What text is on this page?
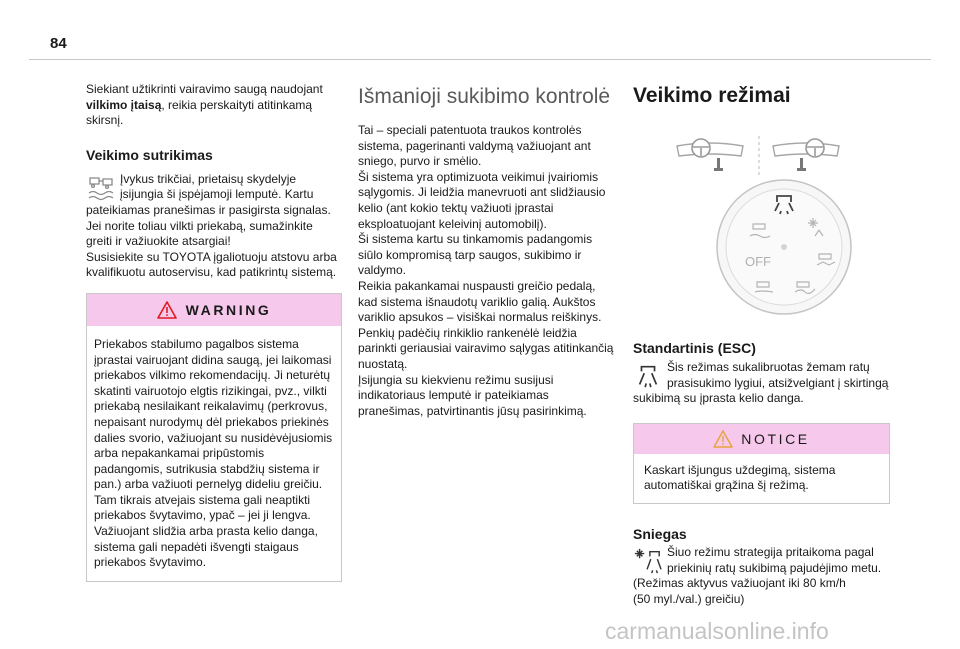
84

Siekiant užtikrinti vairavimo saugą naudojant vilkimo įtaisą, reikia perskaityti atitinkamą skirsnį.

Veikimo sutrikimas
Įvykus trikčiai, prietaisų skydelyje įsijungia ši įspėjamoji lemputė. Kartu pateikiamas pranešimas ir pasigirsta signalas.
Jei norite toliau vilkti priekabą, sumažinkite greiti ir važiuokite atsargiai!
Susisiekite su TOYOTA įgaliotuoju atstovu arba kvalifikuotu autoservisu, kad patikrintų sistemą.
WARNING
Priekabos stabilumo pagalbos sistema įprastai vairuojant didina saugą, jei laikomasi priekabos vilkimo rekomendacijų. Ji neturėtų skatinti vairuotojo elgtis rizikingai, pvz., vilkti priekabą nesilaikant reikalavimų (perkrovus, nepaisant nurodymų dėl priekabos priekinės dalies svorio, važiuojant su nusidėvėjusiomis arba nepakankamai pripūstomis padangomis, sutrikusia stabdžių sistema ir pan.) arba važiuoti pernelyg dideliu greičiu.
Tam tikrais atvejais sistema gali neaptikti priekabos švytavimo, ypač – jei ji lengva.
Važiuojant slidžia arba prasta kelio danga, sistema gali nepadėti išvengti staigaus priekabos švytavimo.
Išmanioji sukibimo kontrolė
Tai – speciali patentuota traukos kontrolės sistema, pagerinanti valdymą važiuojant ant sniego, purvo ir smėlio.
Ši sistema yra optimizuota veikimui įvairiomis sąlygomis. Ji leidžia manevruoti ant slidžiausio kelio (ant kokio tektų važiuoti įprastai eksploatuojant keleivinį automobilį).
Ši sistema kartu su tinkamomis padangomis siūlo kompromisą tarp saugos, sukibimo ir valdymo.
Reikia pakankamai nuspausti greičio pedalą, kad sistema išnaudotų variklio galią. Aukštos variklio apsukos – visiškai normalus reiškinys.
Penkių padėčių rinkiklio rankenėlė leidžia parinkti geriausiai vairavimo sąlygas atitinkančią nuostatą.
Įsijungia su kiekvienu režimu susijusi indikatoriaus lemputė ir pateikiamas pranešimas, patvirtinantis jūsų pasirinkimą.
Veikimo režimai
OFF
Standartinis (ESC)
Šis režimas sukalibruotas žemam ratų prasisukimo lygiui, atsižvelgiant į skirtingą sukibimą su įprasta kelio danga.
NOTICE
Kaskart išjungus uždegimą, sistema automatiškai grąžina šį režimą.
Sniegas
Šiuo režimu strategija pritaikoma pagal priekinių ratų sukibimą pajudėjimo metu.
(Režimas aktyvus važiuojant iki 80 km/h
(50 myl./val.) greičiu)
carmanualsonline.info
